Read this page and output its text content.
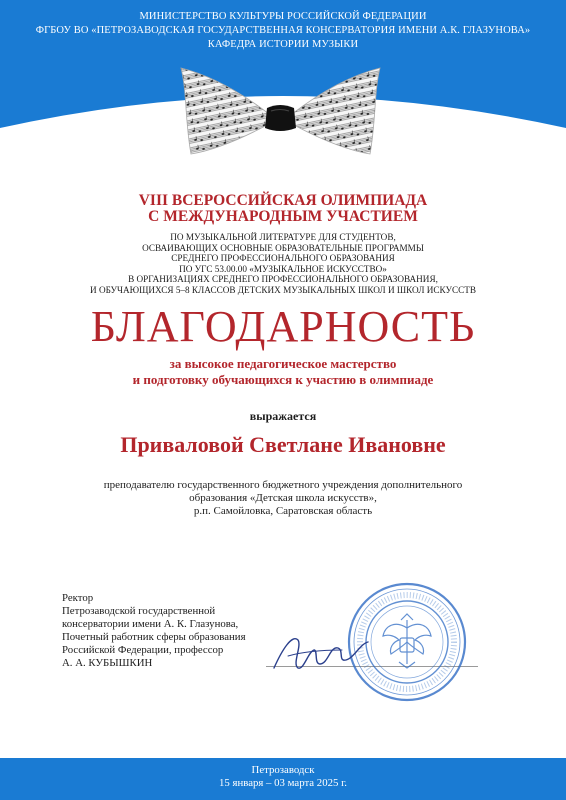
МИНИСТЕРСТВО КУЛЬТУРЫ РОССИЙСКОЙ ФЕДЕРАЦИИ
ФГБОУ ВО «ПЕТРОЗАВОДСКАЯ ГОСУДАРСТВЕННАЯ КОНСЕРВАТОРИЯ ИМЕНИ А.К. ГЛАЗУНОВА»
КАФЕДРА ИСТОРИИ МУЗЫКИ
VIII ВСЕРОССИЙСКАЯ ОЛИМПИАДА
С МЕЖДУНАРОДНЫМ УЧАСТИЕМ
ПО МУЗЫКАЛЬНОЙ ЛИТЕРАТУРЕ ДЛЯ СТУДЕНТОВ,
ОСВАИВАЮЩИХ ОСНОВНЫЕ ОБРАЗОВАТЕЛЬНЫЕ ПРОГРАММЫ
СРЕДНЕГО ПРОФЕССИОНАЛЬНОГО ОБРАЗОВАНИЯ
ПО УГС 53.00.00 «МУЗЫКАЛЬНОЕ ИСКУССТВО»
В ОРГАНИЗАЦИЯХ СРЕДНЕГО ПРОФЕССИОНАЛЬНОГО ОБРАЗОВАНИЯ,
И ОБУЧАЮЩИХСЯ 5–8 КЛАССОВ ДЕТСКИХ МУЗЫКАЛЬНЫХ ШКОЛ И ШКОЛ ИСКУССТВ
БЛАГОДАРНОСТЬ
за высокое педагогическое мастерство
и подготовку обучающихся к участию в олимпиаде
выражается
Приваловой Светлане Ивановне
преподавателю государственного бюджетного учреждения дополнительного
образования «Детская школа искусств»,
р.п. Самойловка, Саратовская область
Ректор
Петрозаводской государственной
консерватории имени А. К. Глазунова,
Почетный работник сферы образования
Российской Федерации, профессор
А. А. КУБЫШКИН
Петрозаводск
15 января – 03 марта 2025 г.
